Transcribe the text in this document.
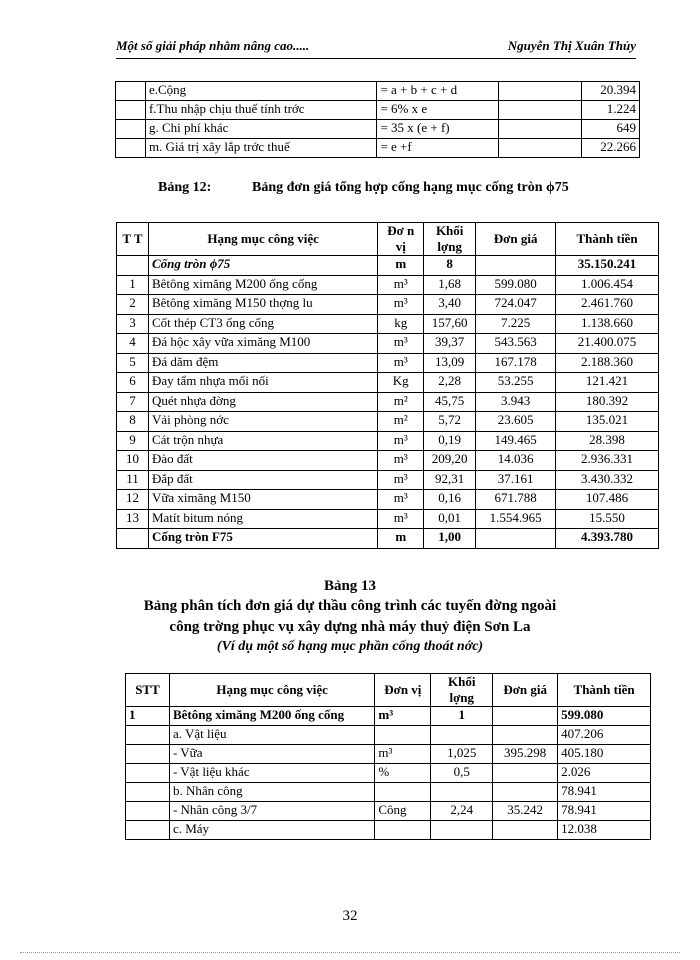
Một số giải pháp nhằm nâng cao.....	Nguyễn Thị Xuân Thủy
	e.Cộng	= a + b + c + d		20.394
	f.Thu nhập chịu thuế tính trớc	= 6% x e		1.224
	g. Chi phí khác	= 35 x (e + f)		649
	m. Giá trị xây lắp trớc thuế	= e +f		22.266
Bảng 12:	Bảng đơn giá tổng hợp cống hạng mục cống tròn ϕ75
T T	Hạng mục công việc	Đơ n vị	Khối lợng	Đơn giá	Thành tiền
	Cống tròn ϕ75	m	8		35.150.241
1	Bêtông ximăng M200 ống cống	m³	1,68	599.080	1.006.454
2	Bêtông ximăng M150 thợng lu	m³	3,40	724.047	2.461.760
3	Cốt thép CT3 ống cống	kg	157,60	7.225	1.138.660
4	Đá hộc xây vữa ximăng M100	m³	39,37	543.563	21.400.075
5	Đá dăm đệm	m³	13,09	167.178	2.188.360
6	Đay tẩm nhựa mối nối	Kg	2,28	53.255	121.421
7	Quét nhựa đờng	m²	45,75	3.943	180.392
8	Vải phòng nớc	m²	5,72	23.605	135.021
9	Cát trộn nhựa	m³	0,19	149.465	28.398
10	Đào đất	m³	209,20	14.036	2.936.331
11	Đắp đất	m³	92,31	37.161	3.430.332
12	Vữa ximăng M150	m³	0,16	671.788	107.486
13	Matít bitum nóng	m³	0,01	1.554.965	15.550
	Cống tròn F75	m	1,00		4.393.780
Bảng 13
Bảng phân tích đơn giá dự thầu công trình các tuyến đờng ngoài
công trờng phục vụ xây dựng nhà máy thuỷ điện Sơn La
(Ví dụ một số hạng mục phần cống thoát nớc)
STT	Hạng mục công việc	Đơn vị	Khối lợng	Đơn giá	Thành tiền
1	Bêtông ximăng M200 ống cống	m³	1		599.080
	a. Vật liệu				407.206
	- Vữa	m³	1,025	395.298	405.180
	- Vật liệu khác	%	0,5		2.026
	b. Nhân công				78.941
	- Nhân công 3/7	Công	2,24	35.242	78.941
	c. Máy				12.038
32
